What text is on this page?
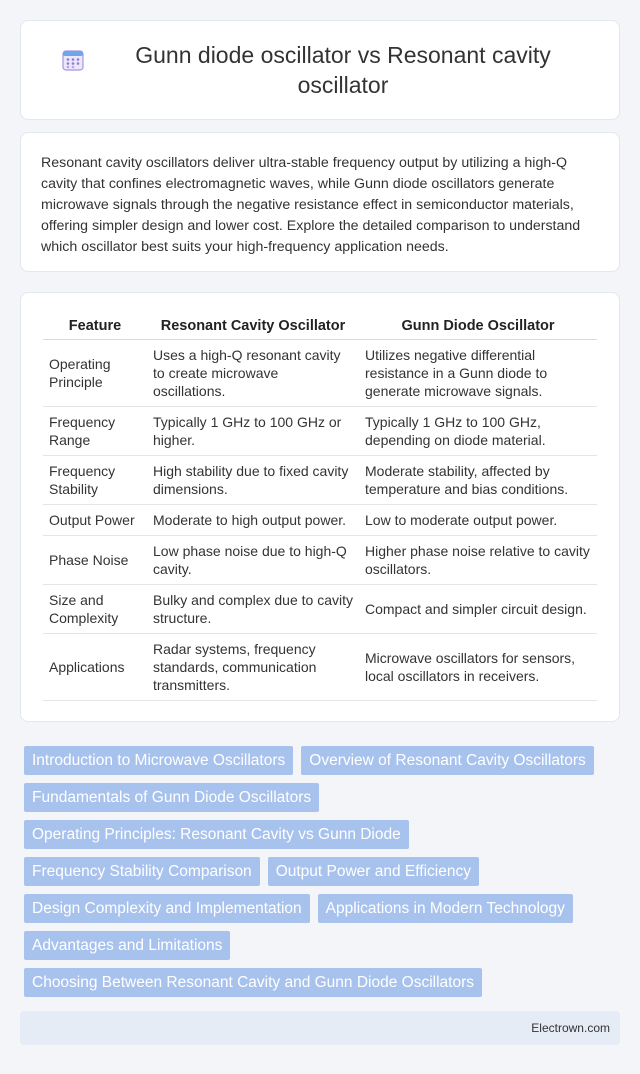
Gunn diode oscillator vs Resonant cavity oscillator

Resonant cavity oscillators deliver ultra-stable frequency output by utilizing a high-Q cavity that confines electromagnetic waves, while Gunn diode oscillators generate microwave signals through the negative resistance effect in semiconductor materials, offering simpler design and lower cost. Explore the detailed comparison to understand which oscillator best suits your high-frequency application needs.

Feature	Resonant Cavity Oscillator	Gunn Diode Oscillator
Operating Principle	Uses a high-Q resonant cavity to create microwave oscillations.	Utilizes negative differential resistance in a Gunn diode to generate microwave signals.
Frequency Range	Typically 1 GHz to 100 GHz or higher.	Typically 1 GHz to 100 GHz, depending on diode material.
Frequency Stability	High stability due to fixed cavity dimensions.	Moderate stability, affected by temperature and bias conditions.
Output Power	Moderate to high output power.	Low to moderate output power.
Phase Noise	Low phase noise due to high-Q cavity.	Higher phase noise relative to cavity oscillators.
Size and Complexity	Bulky and complex due to cavity structure.	Compact and simpler circuit design.
Applications	Radar systems, frequency standards, communication transmitters.	Microwave oscillators for sensors, local oscillators in receivers.
Introduction to Microwave Oscillators	Overview of Resonant Cavity Oscillators
Fundamentals of Gunn Diode Oscillators
Operating Principles: Resonant Cavity vs Gunn Diode
Frequency Stability Comparison	Output Power and Efficiency
Design Complexity and Implementation	Applications in Modern Technology
Advantages and Limitations
Choosing Between Resonant Cavity and Gunn Diode Oscillators
Electrown.com
